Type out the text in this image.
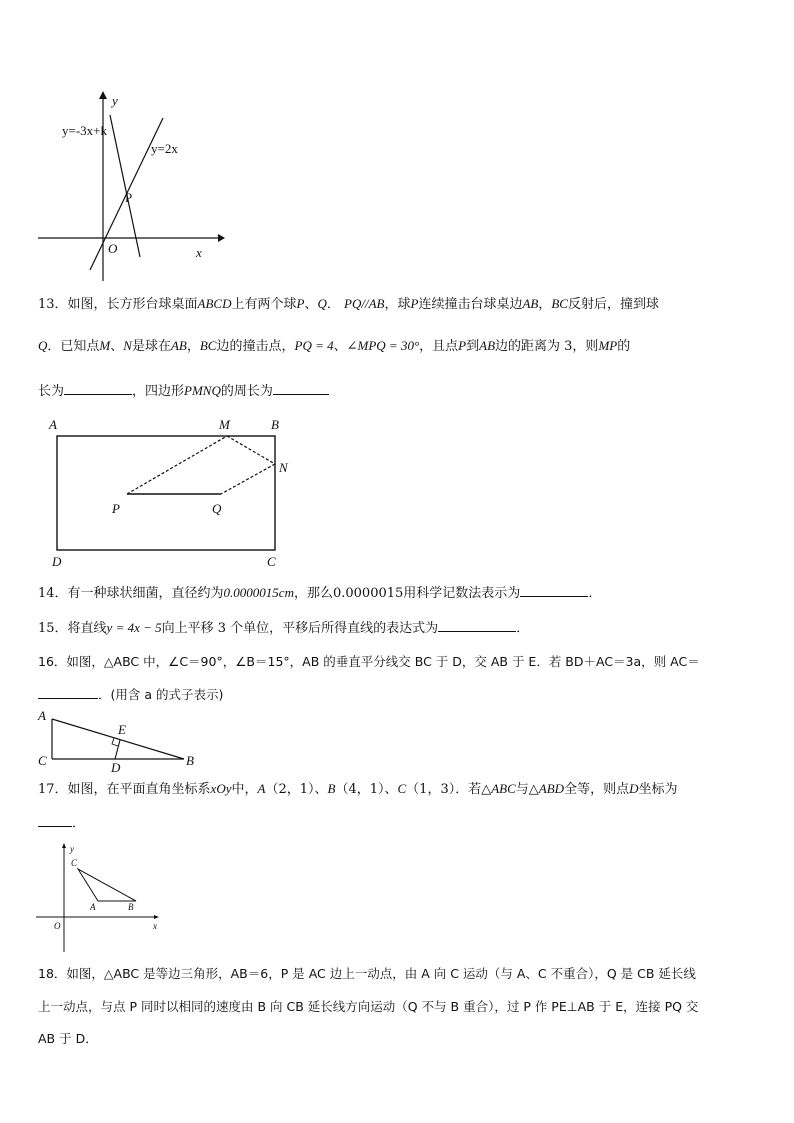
y
x
O
y=-3x+k
y=2x
P
13．如图，长方形台球桌面ABCD上有两个球P、Q． PQ//AB，球P连续撞击台球桌边AB，BC反射后，撞到球
Q．已知点M、N是球在AB，BC边的撞击点，PQ = 4、∠MPQ = 30°，且点P到AB边的距离为 3，则MP的
长为	，四边形PMNQ的周长为
A	M	B
N
P	Q
D	C
14．有一种球状细菌，直径约为0.0000015cm，那么0.0000015用科学记数法表示为	．
15．将直线y = 4x − 5向上平移 3 个单位，平移后所得直线的表达式为	．
16．如图，△ABC 中，∠C＝90°，∠B＝15°，AB 的垂直平分线交 BC 于 D，交 AB 于 E．若 BD＋AC＝3a，则 AC＝
．(用含 a 的式子表示)
A
C
E
D	B
17．如图，在平面直角坐标系xOy中，A（2，1）、B（4，1）、C（1，3）．若△ABC与△ABD全等，则点D坐标为
．
y
x
O
C
A	B
18．如图，△ABC 是等边三角形，AB＝6，P 是 AC 边上一动点，由 A 向 C 运动（与 A、C 不重合），Q 是 CB 延长线
上一动点，与点 P 同时以相同的速度由 B 向 CB 延长线方向运动（Q 不与 B 重合），过 P 作 PE⊥AB 于 E，连接 PQ 交
AB 于 D．
